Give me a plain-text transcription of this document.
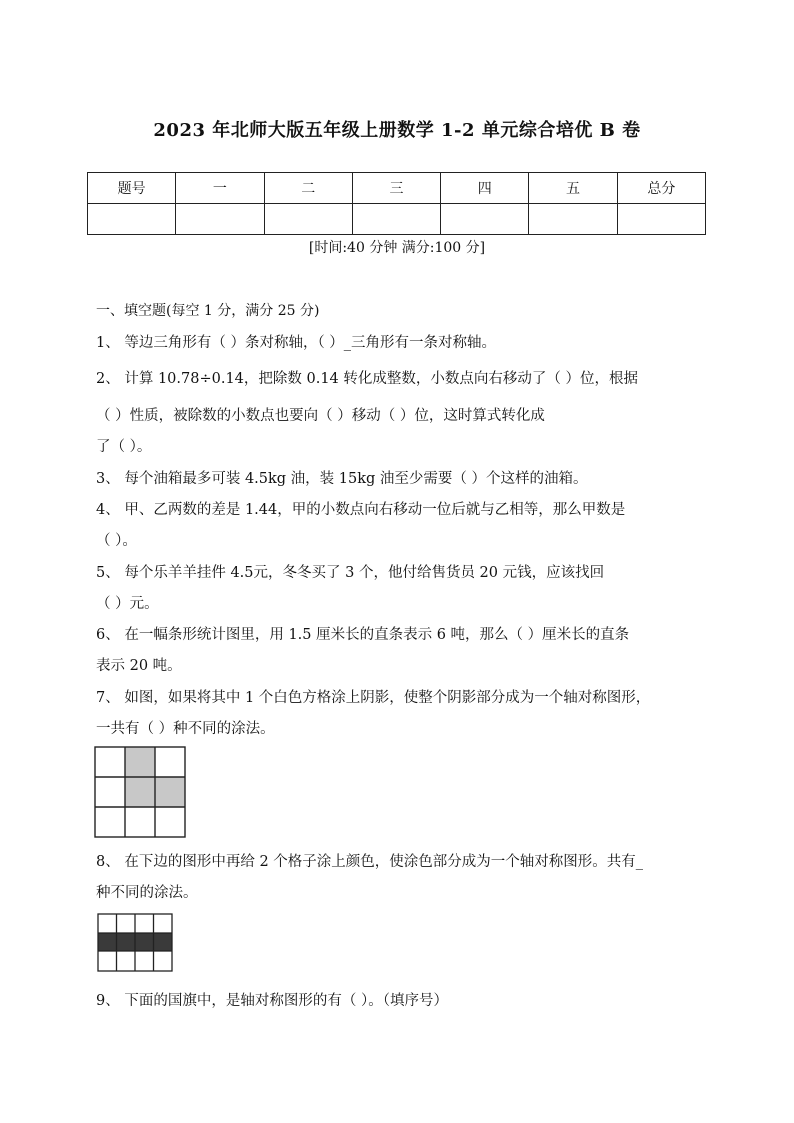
2023 年北师大版五年级上册数学 1-2 单元综合培优 B 卷
题号	一	二	三	四	五	总分

[时间:40 分钟 满分:100 分]
一、填空题(每空 1 分，满分 25 分)
1、 等边三角形有（ ）条对称轴，（ ）_三角形有一条对称轴。
2、 计算 10.78÷0.14，把除数 0.14 转化成整数，小数点向右移动了（ ）位，根据
（ ）性质，被除数的小数点也要向（ ）移动（ ）位，这时算式转化成
了（ ）。
3、 每个油箱最多可装 4.5kg 油，装 15kg 油至少需要（ ）个这样的油箱。
4、 甲、乙两数的差是 1.44，甲的小数点向右移动一位后就与乙相等，那么甲数是
（ ）。
5、 每个乐羊羊挂件 4.5元，冬冬买了 3 个，他付给售货员 20 元钱，应该找回
（ ）元。
6、 在一幅条形统计图里，用 1.5 厘米长的直条表示 6 吨，那么（ ）厘米长的直条
表示 20 吨。
7、 如图，如果将其中 1 个白色方格涂上阴影，使整个阴影部分成为一个轴对称图形，
一共有（ ）种不同的涂法。
8、 在下边的图形中再给 2 个格子涂上颜色，使涂色部分成为一个轴对称图形。共有_
种不同的涂法。
9、 下面的国旗中，是轴对称图形的有（ ）。（填序号）
